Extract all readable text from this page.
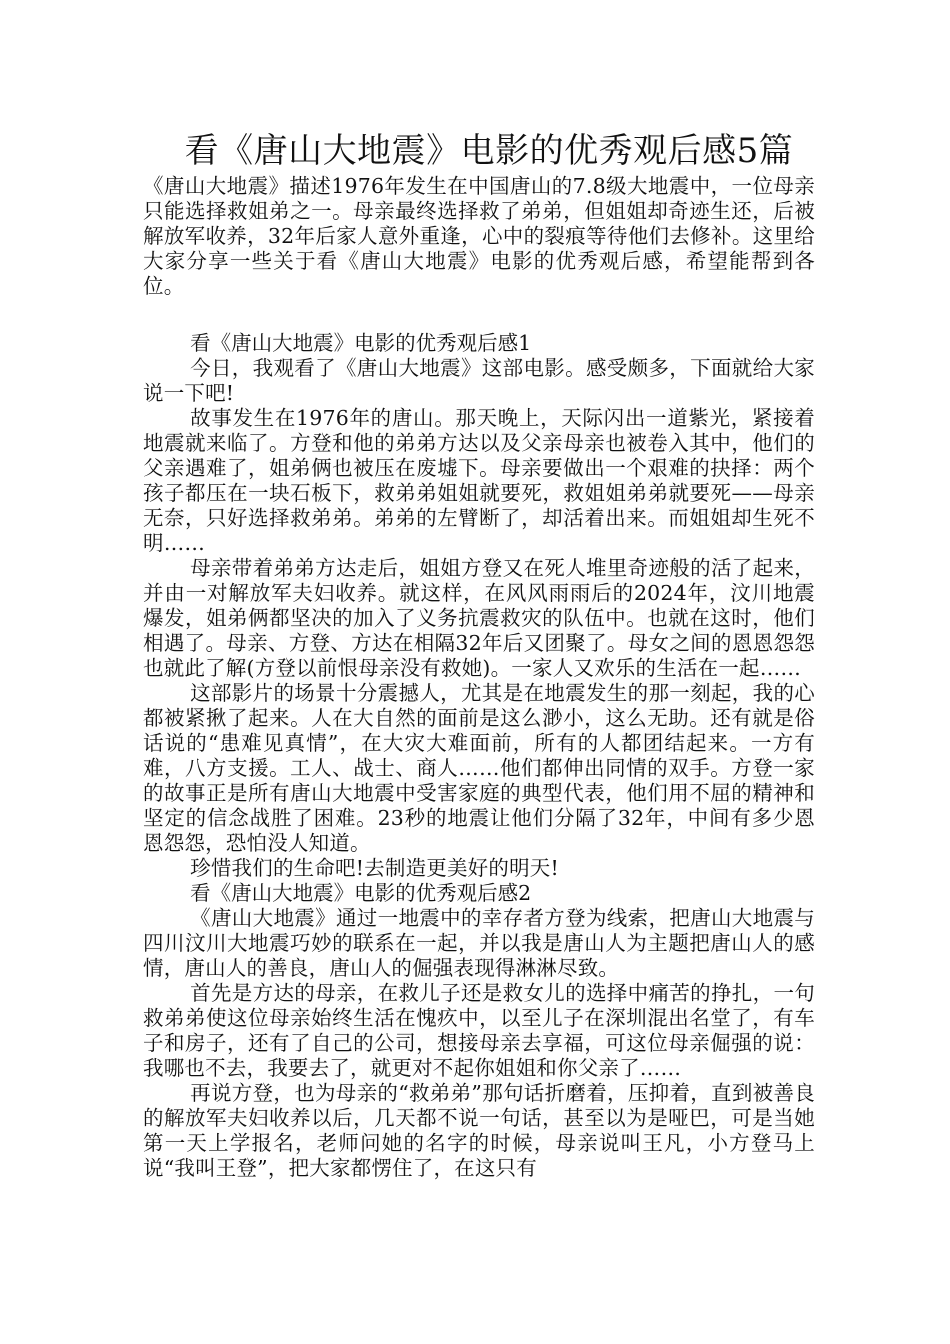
看《唐山大地震》电影的优秀观后感5篇

《唐山大地震》描述1976年发生在中国唐山的7.8级大地震中，一位母亲只能选择救姐弟之一。母亲最终选择救了弟弟，但姐姐却奇迹生还，后被解放军收养，32年后家人意外重逢，心中的裂痕等待他们去修补。这里给大家分享一些关于看《唐山大地震》电影的优秀观后感，希望能帮到各位。

看《唐山大地震》电影的优秀观后感1

今日，我观看了《唐山大地震》这部电影。感受颇多，下面就给大家说一下吧!

故事发生在1976年的唐山。那天晚上，天际闪出一道紫光，紧接着地震就来临了。方登和他的弟弟方达以及父亲母亲也被卷入其中，他们的父亲遇难了，姐弟俩也被压在废墟下。母亲要做出一个艰难的抉择：两个孩子都压在一块石板下，救弟弟姐姐就要死，救姐姐弟弟就要死——母亲无奈，只好选择救弟弟。弟弟的左臂断了，却活着出来。而姐姐却生死不明……

母亲带着弟弟方达走后，姐姐方登又在死人堆里奇迹般的活了起来，并由一对解放军夫妇收养。就这样，在风风雨雨后的2024年，汶川地震爆发，姐弟俩都坚决的加入了义务抗震救灾的队伍中。也就在这时，他们相遇了。母亲、方登、方达在相隔32年后又团聚了。母女之间的恩恩怨怨也就此了解(方登以前恨母亲没有救她)。一家人又欢乐的生活在一起……

这部影片的场景十分震撼人，尤其是在地震发生的那一刻起，我的心都被紧揪了起来。人在大自然的面前是这么渺小，这么无助。还有就是俗话说的“患难见真情”，在大灾大难面前，所有的人都团结起来。一方有难，八方支援。工人、战士、商人……他们都伸出同情的双手。方登一家的故事正是所有唐山大地震中受害家庭的典型代表，他们用不屈的精神和坚定的信念战胜了困难。23秒的地震让他们分隔了32年，中间有多少恩恩怨怨，恐怕没人知道。

珍惜我们的生命吧!去制造更美好的明天!

看《唐山大地震》电影的优秀观后感2

《唐山大地震》通过一地震中的幸存者方登为线索，把唐山大地震与四川汶川大地震巧妙的联系在一起，并以我是唐山人为主题把唐山人的感情，唐山人的善良，唐山人的倔强表现得淋淋尽致。

首先是方达的母亲，在救儿子还是救女儿的选择中痛苦的挣扎，一句救弟弟使这位母亲始终生活在愧疚中，以至儿子在深圳混出名堂了，有车子和房子，还有了自己的公司，想接母亲去享福，可这位母亲倔强的说：我哪也不去，我要去了，就更对不起你姐姐和你父亲了……

再说方登，也为母亲的“救弟弟”那句话折磨着，压抑着，直到被善良的解放军夫妇收养以后，几天都不说一句话，甚至以为是哑巴，可是当她第一天上学报名，老师问她的名字的时候，母亲说叫王凡，小方登马上说“我叫王登”，把大家都愣住了，在这只有
